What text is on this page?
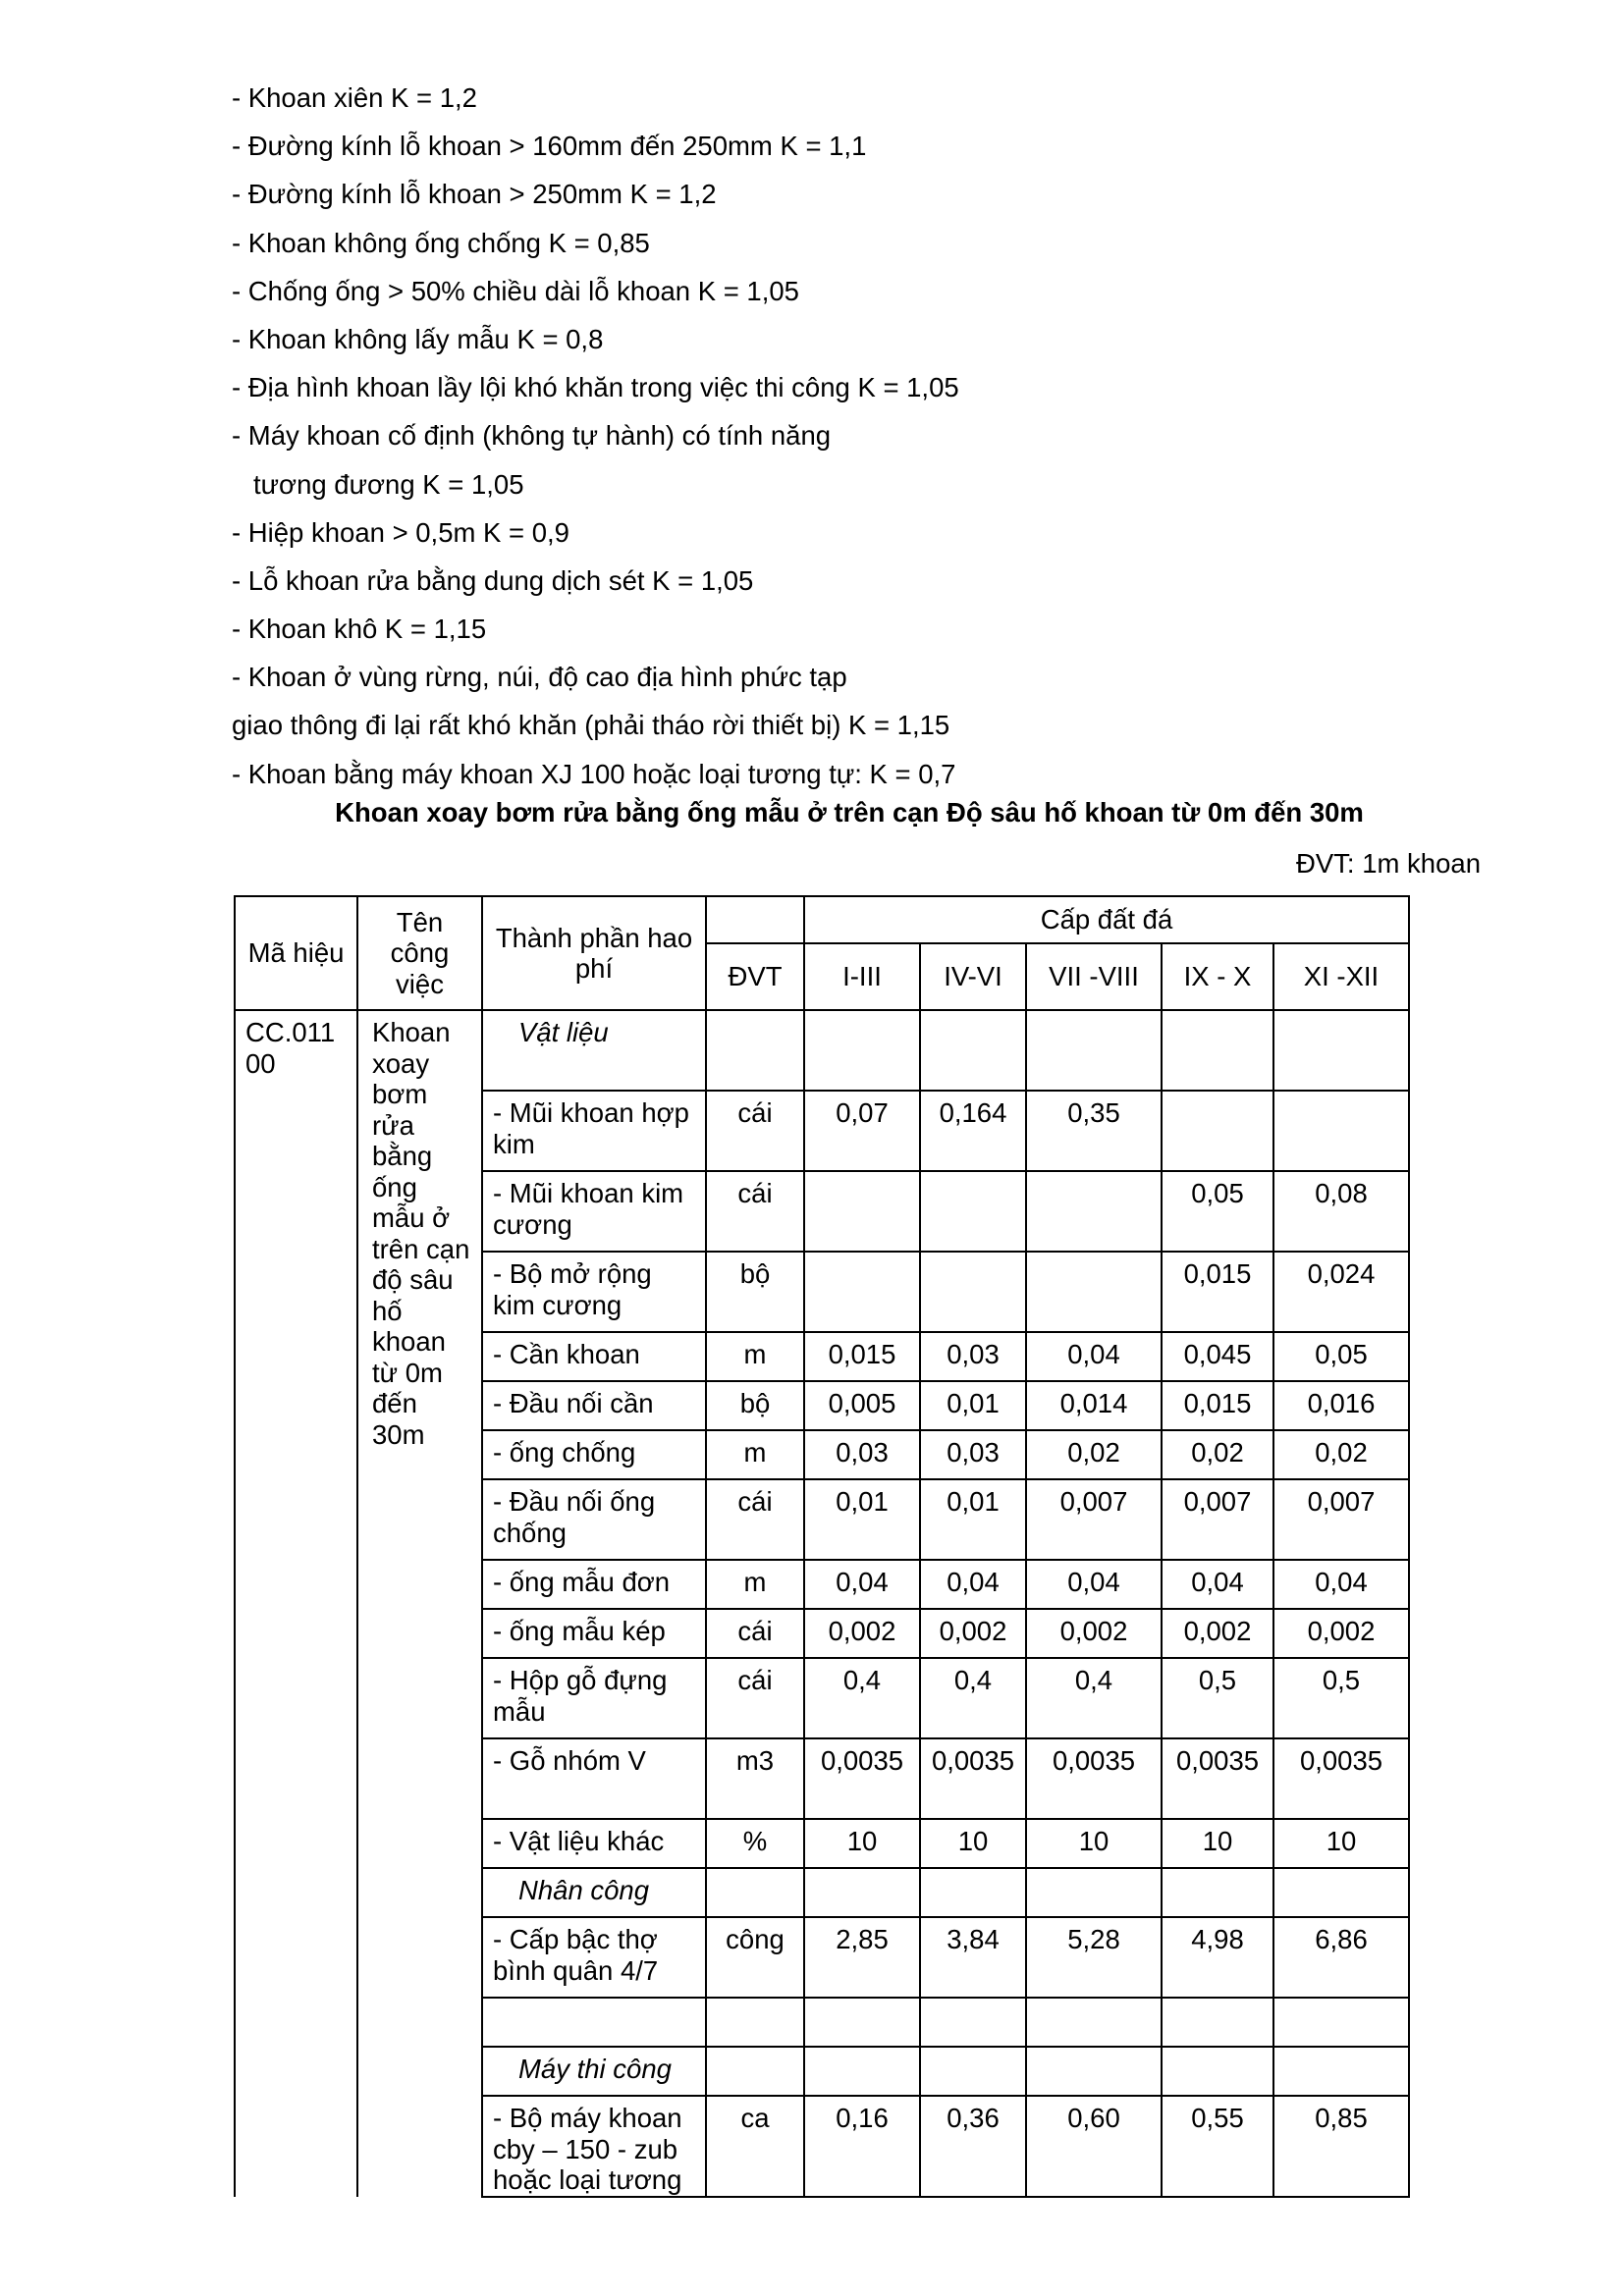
- Khoan xiên K = 1,2
- Đường kính lỗ khoan > 160mm đến 250mm K = 1,1
- Đường kính lỗ khoan > 250mm K = 1,2
- Khoan không ống chống K = 0,85
- Chống ống > 50% chiều dài lỗ khoan K = 1,05
- Khoan không lấy mẫu K = 0,8
- Địa hình khoan lầy lội khó khăn trong việc thi công K = 1,05
- Máy khoan cố định (không tự hành) có tính năng
tương đương K = 1,05
- Hiệp khoan > 0,5m K = 0,9
- Lỗ khoan rửa bằng dung dịch sét K = 1,05
- Khoan khô K = 1,15
- Khoan ở vùng rừng, núi, độ cao địa hình phức tạp
giao thông đi lại rất khó khăn (phải tháo rời thiết bị) K = 1,15
- Khoan bằng máy khoan XJ 100 hoặc loại tương tự: K = 0,7
Khoan xoay bơm rửa bằng ống mẫu ở trên cạn Độ sâu hố khoan từ 0m đến 30m
ĐVT: 1m khoan
Mã hiệu	Tên công việc	Thành phần hao phí		Cấp đất đá				
			ĐVT	I-III	IV-VI	VII -VIII	IX - X	XI -XII
CC.01100	Khoan xoay bơm rửa bằng ống mẫu ở trên cạn độ sâu hố khoan từ 0m đến 30m	Vật liệu						
		- Mũi khoan hợp kim	cái	0,07	0,164	0,35		
		- Mũi khoan kim cương	cái				0,05	0,08
		- Bộ mở rộng kim cương	bộ				0,015	0,024
		- Cần khoan	m	0,015	0,03	0,04	0,045	0,05
		- Đầu nối cần	bộ	0,005	0,01	0,014	0,015	0,016
		- ống chống	m	0,03	0,03	0,02	0,02	0,02
		- Đầu nối ống chống	cái	0,01	0,01	0,007	0,007	0,007
		- ống mẫu đơn	m	0,04	0,04	0,04	0,04	0,04
		- ống mẫu kép	cái	0,002	0,002	0,002	0,002	0,002
		- Hộp gỗ đựng mẫu	cái	0,4	0,4	0,4	0,5	0,5
		- Gỗ nhóm V	m3	0,0035	0,0035	0,0035	0,0035	0,0035
		- Vật liệu khác	%	10	10	10	10	10
		Nhân công						
		- Cấp bậc thợ bình quân 4/7	công	2,85	3,84	5,28	4,98	6,86

		Máy thi công						
		- Bộ máy khoan cby – 150 - zub hoặc loại tương	ca	0,16	0,36	0,60	0,55	0,85
